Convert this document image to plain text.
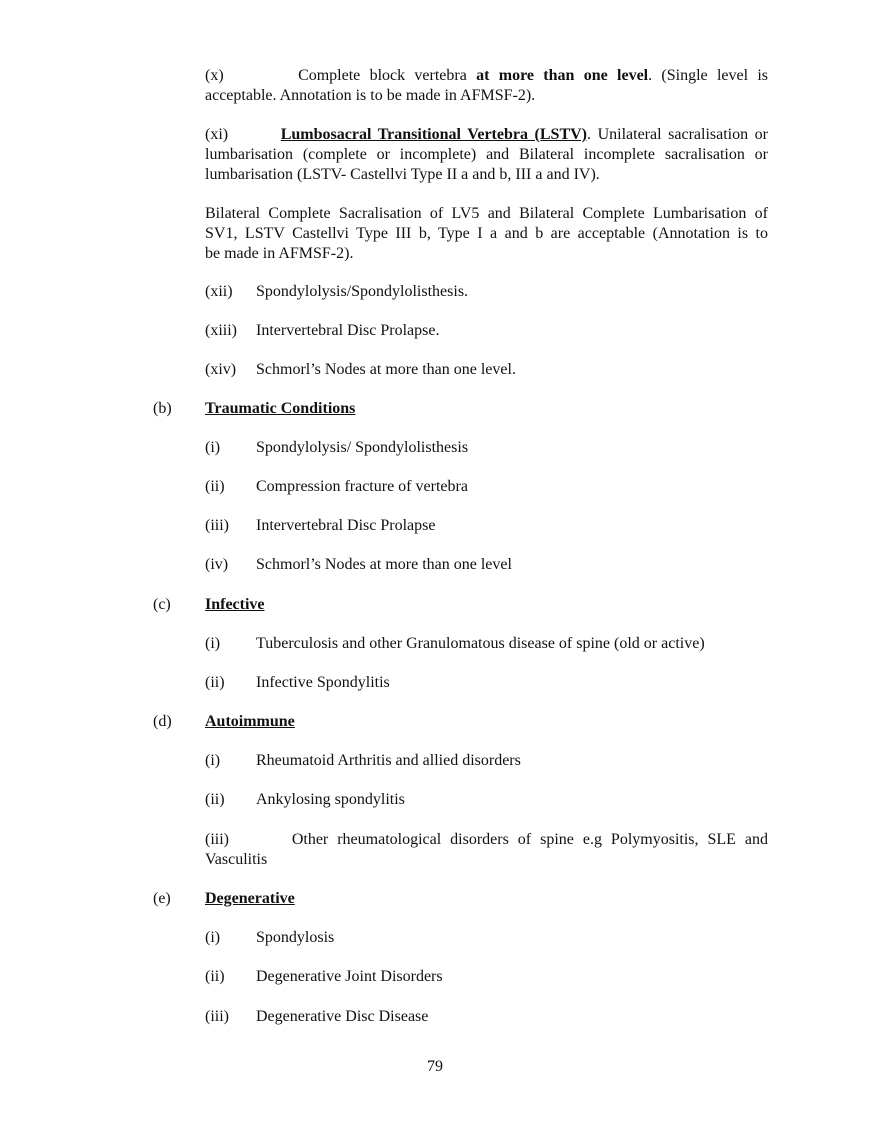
(x)	Complete block vertebra at more than one level. (Single level is
acceptable. Annotation is to be made in AFMSF-2).
(xi)	Lumbosacral Transitional Vertebra (LSTV). Unilateral sacralisation or
lumbarisation (complete or incomplete) and Bilateral incomplete sacralisation or
lumbarisation (LSTV- Castellvi Type II a and b, III a and IV).
Bilateral Complete Sacralisation of LV5 and Bilateral Complete Lumbarisation of
SV1, LSTV Castellvi Type III b, Type I a and b are acceptable (Annotation is to
be made in AFMSF-2).
(xii) Spondylolysis/Spondylolisthesis.
(xiii) Intervertebral Disc Prolapse.
(xiv) Schmorl’s Nodes at more than one level.
(b) Traumatic Conditions
(i) Spondylolysis/ Spondylolisthesis
(ii) Compression fracture of vertebra
(iii) Intervertebral Disc Prolapse
(iv) Schmorl’s Nodes at more than one level
(c) Infective
(i) Tuberculosis and other Granulomatous disease of spine (old or active)
(ii) Infective Spondylitis
(d) Autoimmune
(i) Rheumatoid Arthritis and allied disorders
(ii) Ankylosing spondylitis
(iii)	Other rheumatological disorders of spine e.g Polymyositis, SLE and
Vasculitis
(e) Degenerative
(i) Spondylosis
(ii) Degenerative Joint Disorders
(iii) Degenerative Disc Disease
79
